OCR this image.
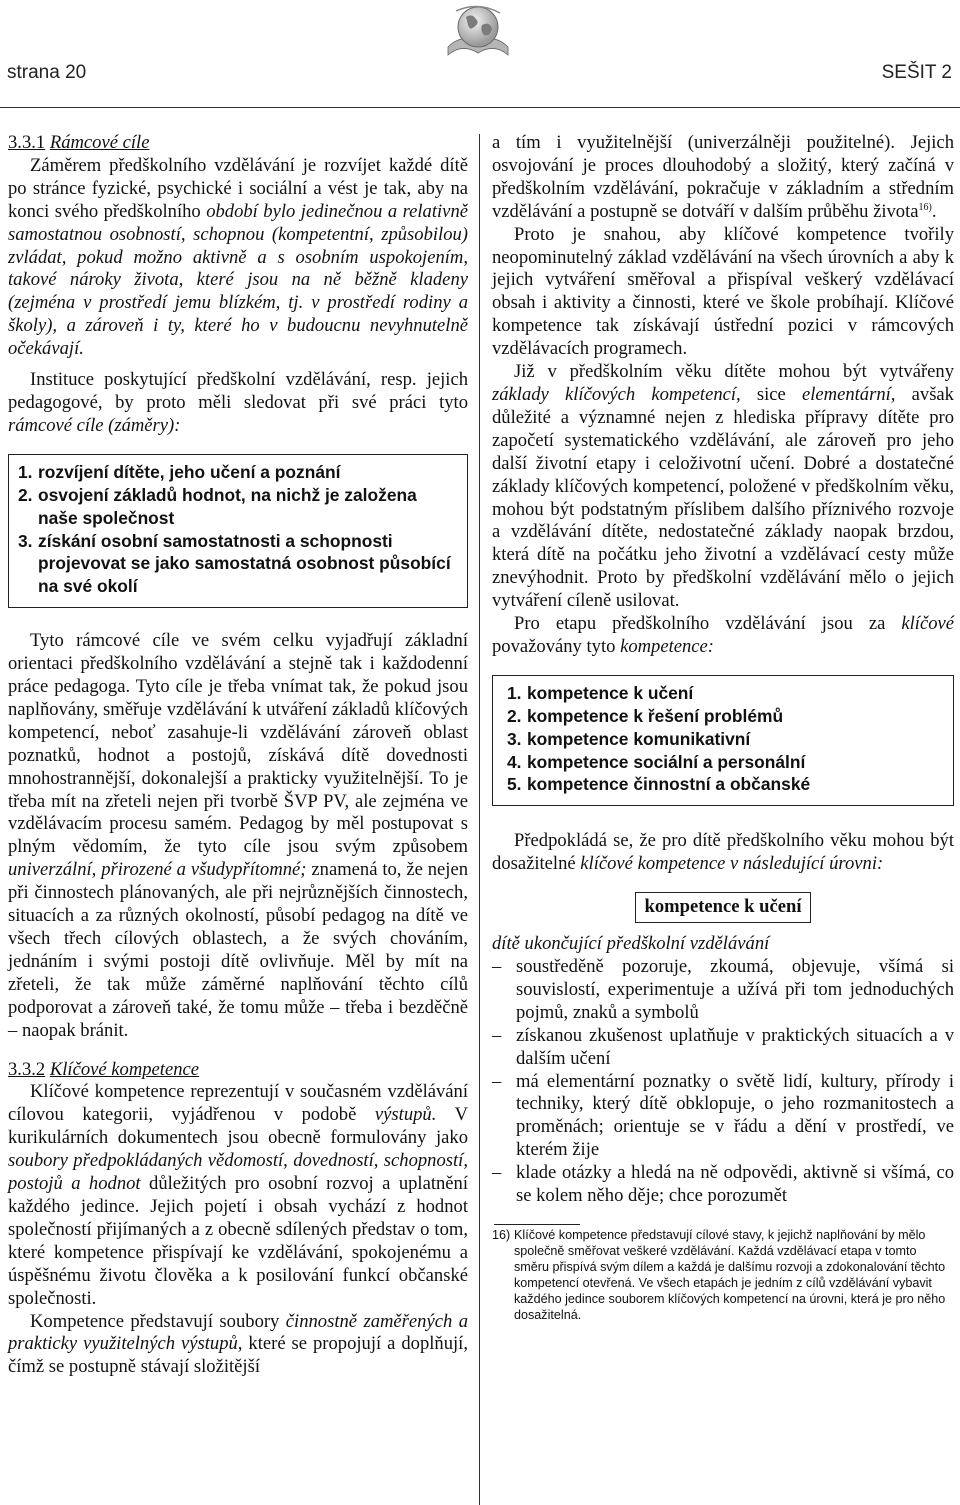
strana 20	SEŠIT 2

3.3.1 Rámcové cíle

Záměrem předškolního vzdělávání je rozvíjet každé dítě po stránce fyzické, psychické i sociální a vést je tak, aby na konci svého předškolního období bylo jedinečnou a relativně samostatnou osobností, schopnou (kompetentní, způsobilou) zvládat, pokud možno aktivně a s osobním uspokojením, takové nároky života, které jsou na ně běžně kladeny (zejména v prostředí jemu blízkém, tj. v prostředí rodiny a školy), a zároveň i ty, které ho v budoucnu nevyhnutelně očekávají.

Instituce poskytující předškolní vzdělávání, resp. jejich pedagogové, by proto měli sledovat při své práci tyto rámcové cíle (záměry):

1. rozvíjení dítěte, jeho učení a poznání
2. osvojení základů hodnot, na nichž je založena naše společnost
3. získání osobní samostatnosti a schopnosti projevovat se jako samostatná osobnost působící na své okolí

Tyto rámcové cíle ve svém celku vyjadřují základní orientaci předškolního vzdělávání a stejně tak i každodenní práce pedagoga. Tyto cíle je třeba vnímat tak, že pokud jsou naplňovány, směřuje vzdělávání k utváření základů klíčových kompetencí, neboť zasahuje-li vzdělávání zároveň oblast poznatků, hodnot a postojů, získává dítě dovednosti mnohostrannější, dokonalejší a prakticky využitelnější. To je třeba mít na zřeteli nejen při tvorbě ŠVP PV, ale zejména ve vzdělávacím procesu samém. Pedagog by měl postupovat s plným vědomím, že tyto cíle jsou svým způsobem univerzální, přirozené a všudypřítomné; znamená to, že nejen při činnostech plánovaných, ale při nejrůznějších činnostech, situacích a za různých okolností, působí pedagog na dítě ve všech třech cílových oblastech, a že svých chováním, jednáním i svými postoji dítě ovlivňuje. Měl by mít na zřeteli, že tak může záměrné naplňování těchto cílů podporovat a zároveň také, že tomu může – třeba i bezděčně – naopak bránit.

3.3.2 Klíčové kompetence

Klíčové kompetence reprezentují v současném vzdělávání cílovou kategorii, vyjádřenou v podobě výstupů. V kurikulárních dokumentech jsou obecně formulovány jako soubory předpokládaných vědomostí, dovedností, schopností, postojů a hodnot důležitých pro osobní rozvoj a uplatnění každého jedince. Jejich pojetí i obsah vychází z hodnot společností přijímaných a z obecně sdílených představ o tom, které kompetence přispívají ke vzdělávání, spokojenému a úspěšnému životu člověka a k posilování funkcí občanské společnosti.

Kompetence představují soubory činnostně zaměřených a prakticky využitelných výstupů, které se propojují a doplňují, čímž se postupně stávají složitější

a tím i využitelnější (univerzálněji použitelné). Jejich osvojování je proces dlouhodobý a složitý, který začíná v předškolním vzdělávání, pokračuje v základním a středním vzdělávání a postupně se dotváří v dalším průběhu života$^{16)}$.

Proto je snahou, aby klíčové kompetence tvořily neopominutelný základ vzdělávání na všech úrovních a aby k jejich vytváření směřoval a přispíval veškerý vzdělávací obsah i aktivity a činnosti, které ve škole probíhají. Klíčové kompetence tak získávají ústřední pozici v rámcových vzdělávacích programech.

Již v předškolním věku dítěte mohou být vytvářeny základy klíčových kompetencí, sice elementární, avšak důležité a významné nejen z hlediska přípravy dítěte pro započetí systematického vzdělávání, ale zároveň pro jeho další životní etapy i celoživotní učení. Dobré a dostatečné základy klíčových kompetencí, položené v předškolním věku, mohou být podstatným příslibem dalšího příznivého rozvoje a vzdělávání dítěte, nedostatečné základy naopak brzdou, která dítě na počátku jeho životní a vzdělávací cesty může znevýhodnit. Proto by předškolní vzdělávání mělo o jejich vytváření cíleně usilovat.

Pro etapu předškolního vzdělávání jsou za klíčové považovány tyto kompetence:

1. kompetence k učení
2. kompetence k řešení problémů
3. kompetence komunikativní
4. kompetence sociální a personální
5. kompetence činnostní a občanské

Předpokládá se, že pro dítě předškolního věku mohou být dosažitelné klíčové kompetence v následující úrovni:

kompetence k učení

dítě ukončující předškolní vzdělávání

– soustředěně pozoruje, zkoumá, objevuje, všímá si souvislostí, experimentuje a užívá při tom jednoduchých pojmů, znaků a symbolů
– získanou zkušenost uplatňuje v praktických situacích a v dalším učení
– má elementární poznatky o světě lidí, kultury, přírody i techniky, který dítě obklopuje, o jeho rozmanitostech a proměnách; orientuje se v řádu a dění v prostředí, ve kterém žije
– klade otázky a hledá na ně odpovědi, aktivně si všímá, co se kolem něho děje; chce porozumět
16) Klíčové kompetence představují cílové stavy, k jejichž naplňování by mělo společně směřovat veškeré vzdělávání. Každá vzdělávací etapa v tomto směru přispívá svým dílem a každá je dalšímu rozvoji a zdokonalování těchto kompetencí otevřená. Ve všech etapách je jedním z cílů vzdělávání vybavit každého jedince souborem klíčových kompetencí na úrovni, která je pro něho dosažitelná.
